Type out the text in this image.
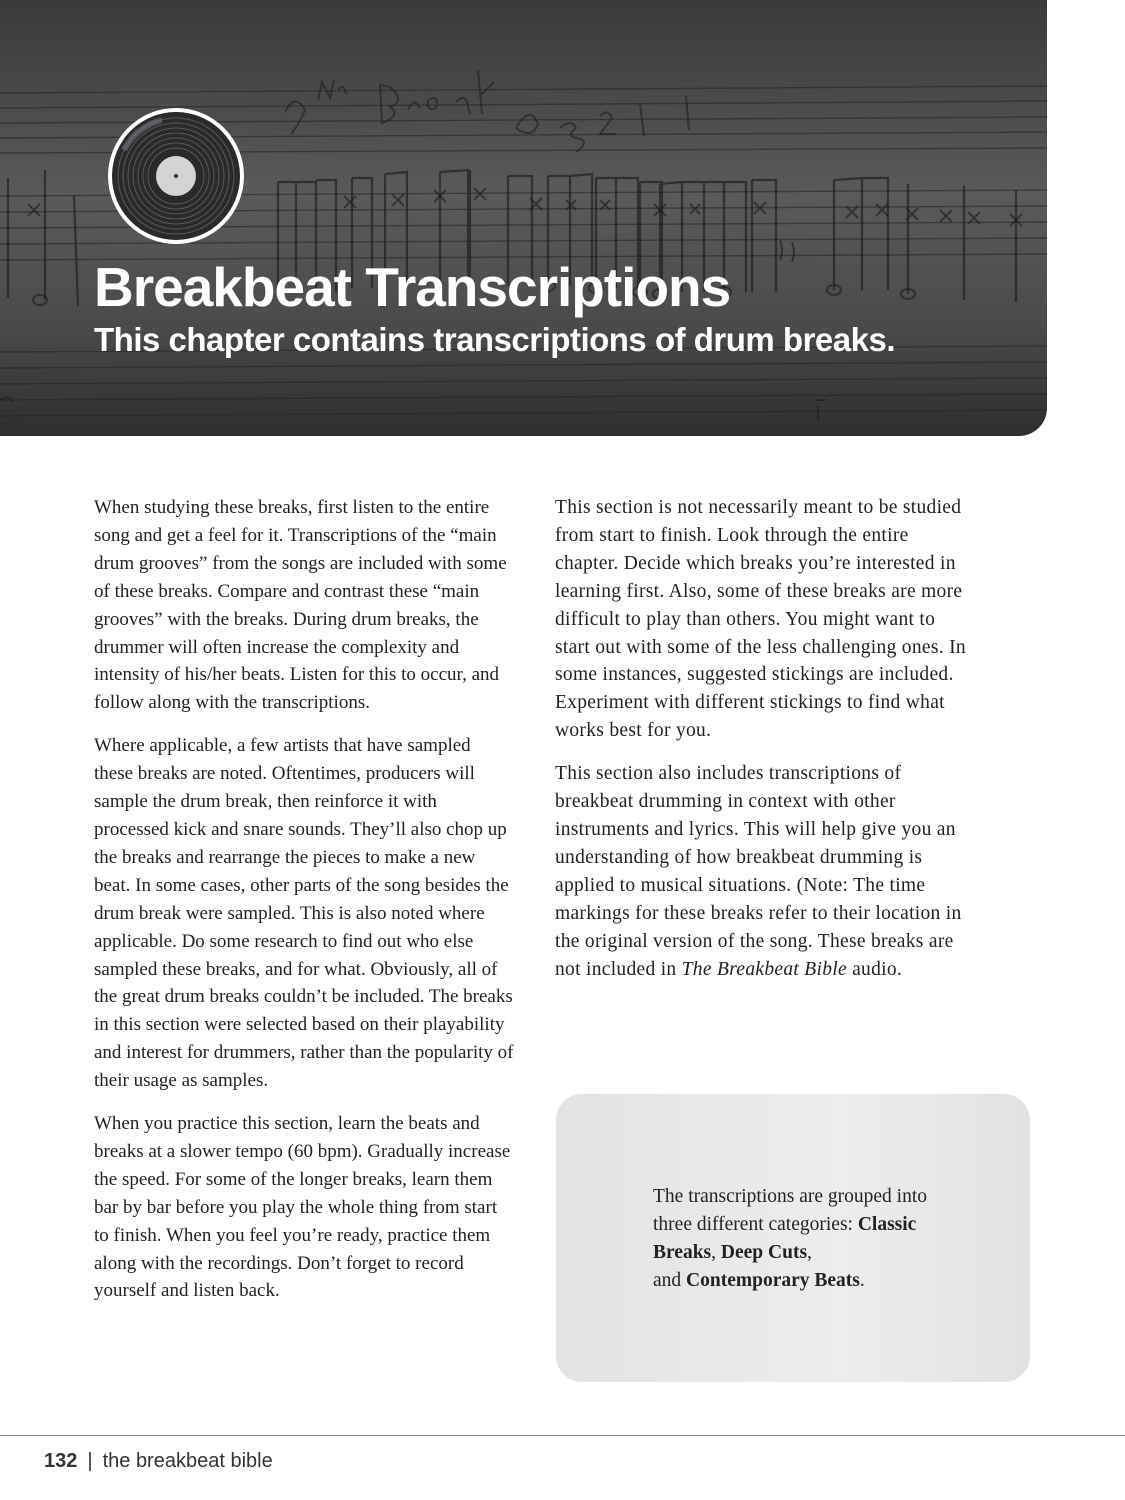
Breakbeat Transcriptions
This chapter contains transcriptions of drum breaks.

When studying these breaks, first listen to the entire song and get a feel for it. Transcriptions of the “main drum grooves” from the songs are included with some of these breaks. Compare and contrast these “main grooves” with the breaks. During drum breaks, the drummer will often increase the complexity and intensity of his/her beats. Listen for this to occur, and follow along with the transcriptions.

Where applicable, a few artists that have sampled these breaks are noted. Oftentimes, producers will sample the drum break, then reinforce it with processed kick and snare sounds. They’ll also chop up the breaks and rearrange the pieces to make a new beat. In some cases, other parts of the song besides the drum break were sampled. This is also noted where applicable. Do some research to find out who else sampled these breaks, and for what. Obviously, all of the great drum breaks couldn’t be included. The breaks in this section were selected based on their playability and interest for drummers, rather than the popularity of their usage as samples.

When you practice this section, learn the beats and breaks at a slower tempo (60 bpm). Gradually increase the speed. For some of the longer breaks, learn them bar by bar before you play the whole thing from start to finish. When you feel you’re ready, practice them along with the recordings. Don’t forget to record yourself and listen back.

This section is not necessarily meant to be studied from start to finish. Look through the entire chapter. Decide which breaks you’re interested in learning first. Also, some of these breaks are more difficult to play than others. You might want to start out with some of the less challenging ones. In some instances, suggested stickings are included. Experiment with different stickings to find what works best for you.

This section also includes transcriptions of breakbeat drumming in context with other instruments and lyrics. This will help give you an understanding of how breakbeat drumming is applied to musical situations. (Note: The time markings for these breaks refer to their location in the original version of the song. These breaks are not included in The Breakbeat Bible audio.

The transcriptions are grouped into three different categories: Classic Breaks, Deep Cuts,
and Contemporary Beats.
132 | the breakbeat bible
